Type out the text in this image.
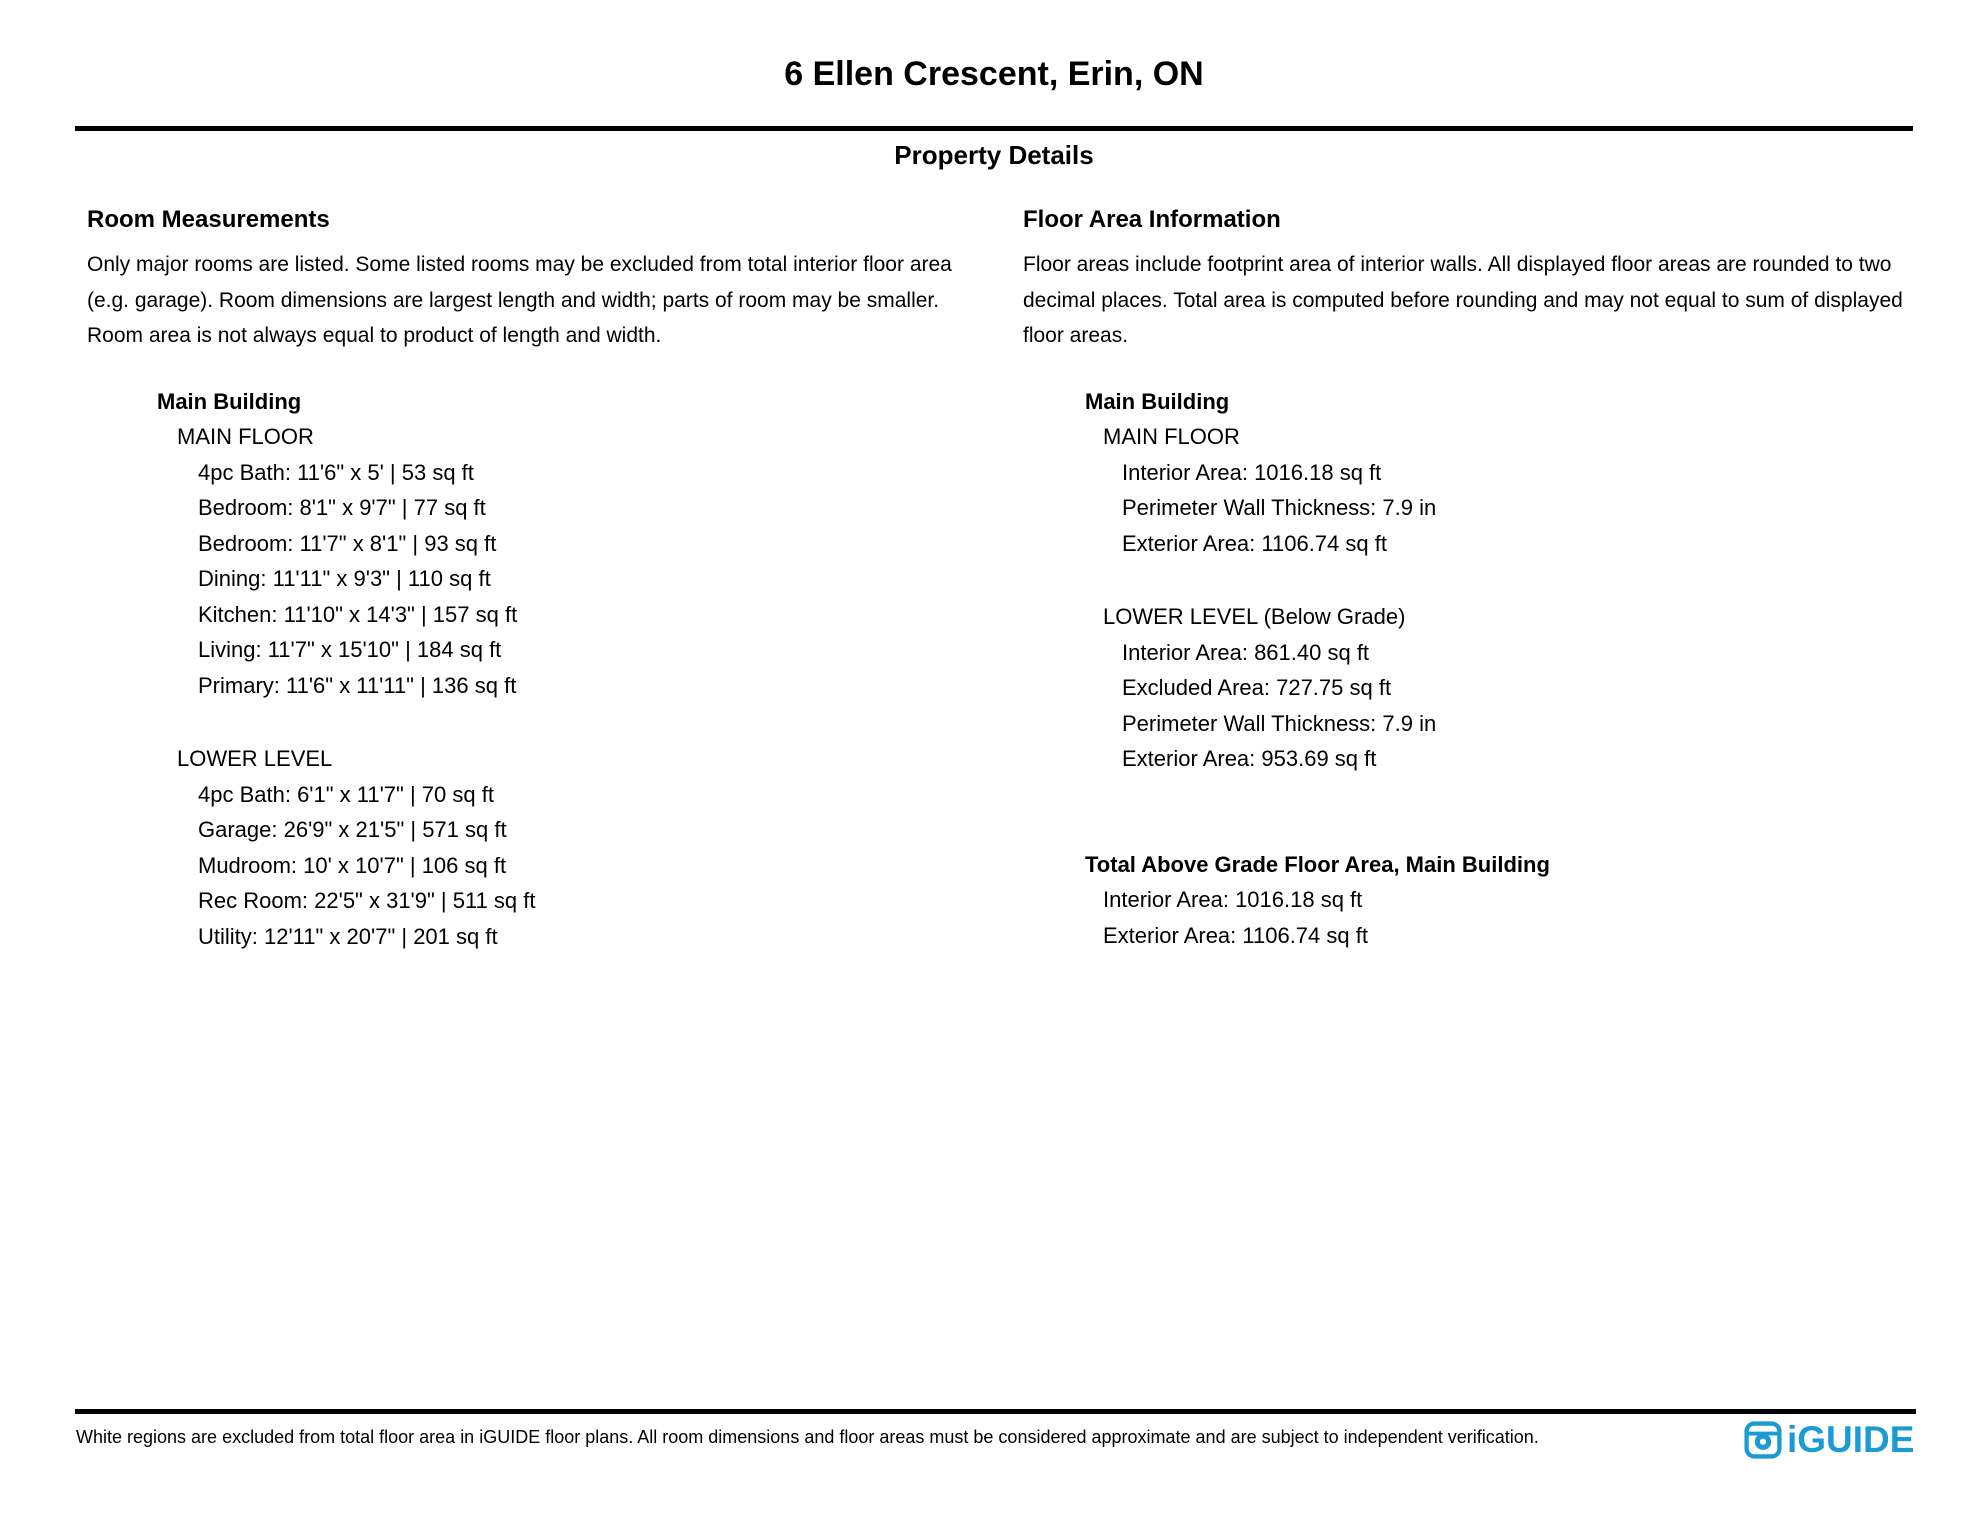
6 Ellen Crescent, Erin, ON
Property Details
Room Measurements
Only major rooms are listed. Some listed rooms may be excluded from total interior floor area
(e.g. garage). Room dimensions are largest length and width; parts of room may be smaller.
Room area is not always equal to product of length and width.
Main Building
MAIN FLOOR
4pc Bath: 11'6" x 5' | 53 sq ft
Bedroom: 8'1" x 9'7" | 77 sq ft
Bedroom: 11'7" x 8'1" | 93 sq ft
Dining: 11'11" x 9'3" | 110 sq ft
Kitchen: 11'10" x 14'3" | 157 sq ft
Living: 11'7" x 15'10" | 184 sq ft
Primary: 11'6" x 11'11" | 136 sq ft
LOWER LEVEL
4pc Bath: 6'1" x 11'7" | 70 sq ft
Garage: 26'9" x 21'5" | 571 sq ft
Mudroom: 10' x 10'7" | 106 sq ft
Rec Room: 22'5" x 31'9" | 511 sq ft
Utility: 12'11" x 20'7" | 201 sq ft
Floor Area Information
Floor areas include footprint area of interior walls. All displayed floor areas are rounded to two
decimal places. Total area is computed before rounding and may not equal to sum of displayed
floor areas.
Main Building
MAIN FLOOR
Interior Area: 1016.18 sq ft
Perimeter Wall Thickness: 7.9 in
Exterior Area: 1106.74 sq ft
LOWER LEVEL (Below Grade)
Interior Area: 861.40 sq ft
Excluded Area: 727.75 sq ft
Perimeter Wall Thickness: 7.9 in
Exterior Area: 953.69 sq ft
Total Above Grade Floor Area, Main Building
Interior Area: 1016.18 sq ft
Exterior Area: 1106.74 sq ft
White regions are excluded from total floor area in iGUIDE floor plans. All room dimensions and floor areas must be considered approximate and are subject to independent verification.	iGUIDE
